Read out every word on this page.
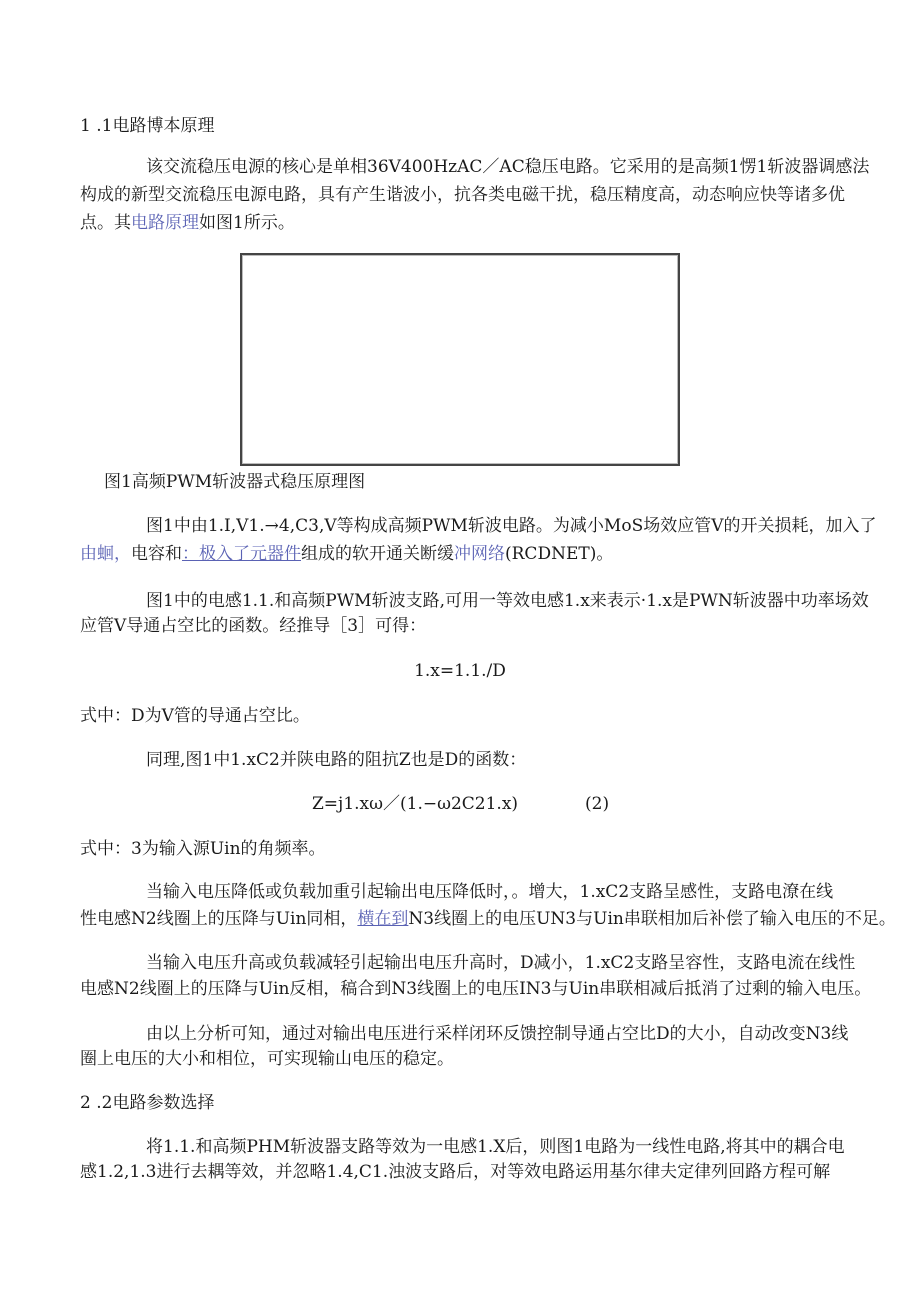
1 .1电路博本原理

该交流稳压电源的核心是单相36V400HzAC／AC稳压电路。它采用的是高频1愣1斩波器调感法

构成的新型交流稳压电源电路，具有产生谐波小，抗各类电磁干扰，稳压精度高，动态响应快等诸多优

点。其电路原理如图1所示。

图1高频PWM斩波器式稳压原理图

图1中由1.I,V1.→4,C3,V等构成高频PWM斩波电路。为减小MoS场效应管V的开关损耗，加入了

由蛔，电容和：极入了元器件组成的软开通关断缓冲网络(RCDNET)。

图1中的电感1.1.和高频PWM斩波支路,可用一等效电感1.x来表示·1.x是PWN斩波器中功率场效

应管V导通占空比的函数。经推导［3］可得：

1.x=1.1./D

式中：D为V管的导通占空比。

同理,图1中1.xC2并陕电路的阻抗Z也是D的函数：

Z=j1.xω／(1.−ω2C21.x)	(2)

式中：3为输入源Uin的角频率。

当输入电压降低或负载加重引起输出电压降低时，。增大，1.xC2支路呈感性，支路电潦在线

性电感N2线圈上的压降与Uin同相，横在到N3线圈上的电压UN3与Uin串联相加后补偿了输入电压的不足。

当输入电压升高或负载减轻引起输出电压升高时，D减小，1.xC2支路呈容性，支路电流在线性

电感N2线圈上的压降与Uin反相，稿合到N3线圈上的电压IN3与Uin串联相减后抵消了过剩的输入电压。

由以上分析可知，通过对输出电压进行采样闭环反馈控制导通占空比D的大小，自动改变N3线

圈上电压的大小和相位，可实现输山电压的稳定。

2 .2电路参数选择

将1.1.和高频PHM斩波器支路等效为一电感1.X后，则图1电路为一线性电路,将其中的耦合电

感1.2,1.3进行去耦等效，并忽略1.4,C1.浊波支路后，对等效电路运用基尔律夫定律列回路方程可解
